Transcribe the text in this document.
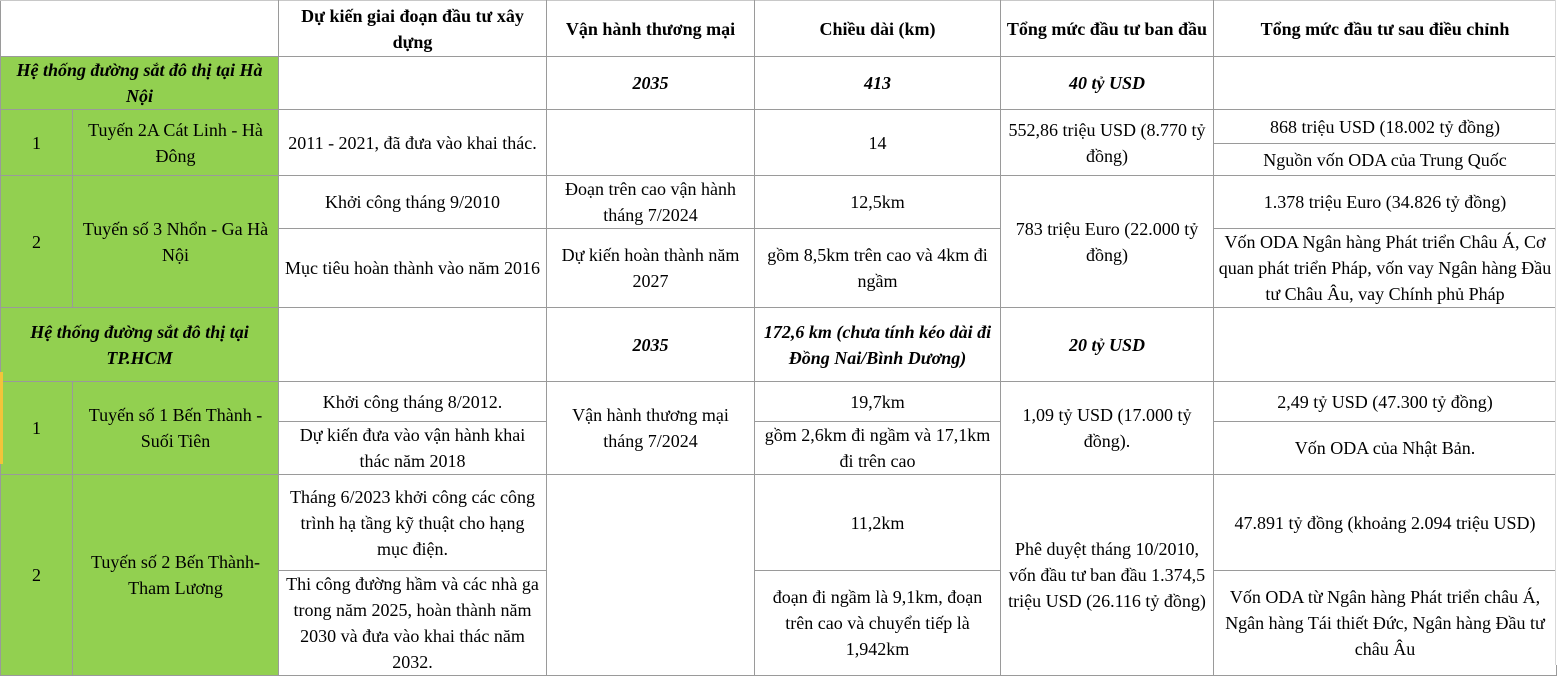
		Dự kiến giai đoạn đầu tư xây dựng	Vận hành thương mại	Chiều dài (km)	Tổng mức đầu tư ban đầu	Tổng mức đầu tư sau điều chỉnh
Hệ thống đường sắt đô thị tại Hà Nội			2035	413	40 tỷ USD	
1	Tuyến 2A Cát Linh - Hà Đông	2011 - 2021, đã đưa vào khai thác.		14	552,86 triệu USD (8.770 tỷ đồng)	868 triệu USD (18.002 tỷ đồng)
						Nguồn vốn ODA của Trung Quốc
2	Tuyến số 3 Nhổn - Ga Hà Nội	Khởi công tháng 9/2010	Đoạn trên cao vận hành tháng 7/2024	12,5km	783 triệu Euro (22.000 tỷ đồng)	1.378 triệu Euro (34.826 tỷ đồng)
		Mục tiêu hoàn thành vào năm 2016	Dự kiến hoàn thành năm 2027	gồm 8,5km trên cao và 4km đi ngầm		Vốn ODA Ngân hàng Phát triển Châu Á, Cơ quan phát triển Pháp, vốn vay Ngân hàng Đầu tư Châu Âu, vay Chính phủ Pháp
Hệ thống đường sắt đô thị tại TP.HCM			2035	172,6 km (chưa tính kéo dài đi Đồng Nai/Bình Dương)	20 tỷ USD	
1	Tuyến số 1 Bến Thành - Suối Tiên	Khởi công tháng 8/2012.	Vận hành thương mại tháng 7/2024	19,7km	1,09 tỷ USD (17.000 tỷ đồng).	2,49 tỷ USD (47.300 tỷ đồng)
		Dự kiến đưa vào vận hành khai thác năm 2018		gồm 2,6km đi ngầm và 17,1km đi trên cao		Vốn ODA của Nhật Bản.
2	Tuyến số 2 Bến Thành-Tham Lương	Tháng 6/2023 khởi công các công trình hạ tầng kỹ thuật cho hạng mục điện.		11,2km	Phê duyệt tháng 10/2010, vốn đầu tư ban đầu 1.374,5 triệu USD (26.116 tỷ đồng)	47.891 tỷ đồng (khoảng 2.094 triệu USD)
		Thi công đường hầm và các nhà ga trong năm 2025, hoàn thành năm 2030 và đưa vào khai thác năm 2032.		đoạn đi ngầm là 9,1km, đoạn trên cao và chuyển tiếp là 1,942km		Vốn ODA từ Ngân hàng Phát triển châu Á, Ngân hàng Tái thiết Đức, Ngân hàng Đầu tư châu Âu
